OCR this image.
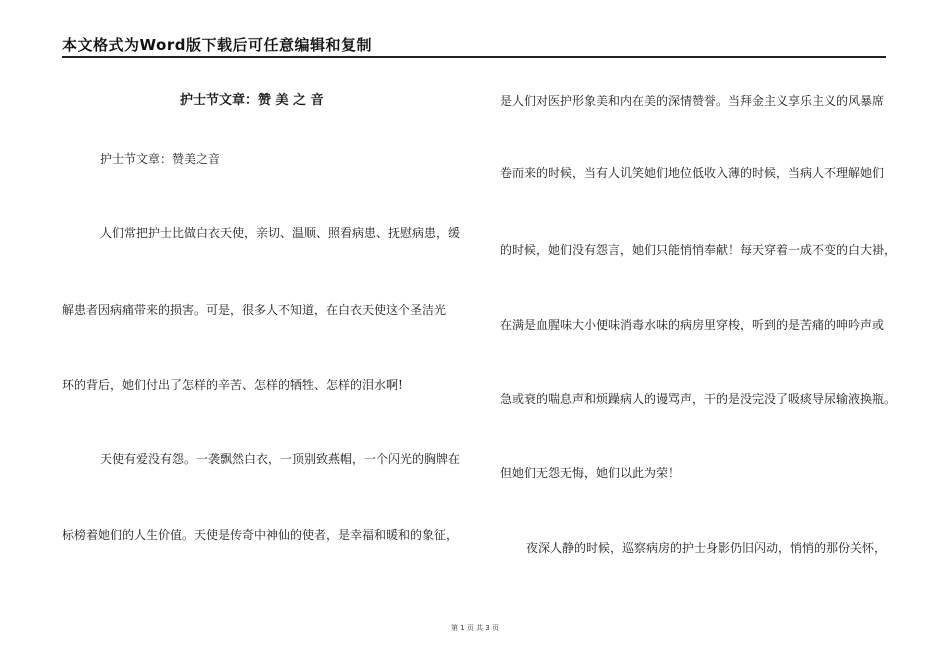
本文格式为Word版下载后可任意编辑和复制
护士节文章：赞 美 之 音
护士节文章：赞美之音
人们常把护士比做白衣天使，亲切、温顺、照看病患、抚慰病患，缓
解患者因病痛带来的损害。可是，很多人不知道，在白衣天使这个圣洁光
环的背后，她们付出了怎样的辛苦、怎样的牺牲、怎样的泪水啊!
天使有爱没有怨。一袭飘然白衣，一顶别致燕帽，一个闪光的胸牌在
标榜着她们的人生价值。天使是传奇中神仙的使者，是幸福和暖和的象征，
是人们对医护形象美和内在美的深情赞誉。当拜金主义享乐主义的风暴席
卷而来的时候，当有人讥笑她们地位低收入薄的时候，当病人不理解她们
的时候，她们没有怨言，她们只能悄悄奉献！每天穿着一成不变的白大褂，
在满是血腥味大小便味消毒水味的病房里穿梭，听到的是苦痛的呻吟声或
急或衰的喘息声和烦躁病人的谩骂声，干的是没完没了吸痰导尿输液换瓶。
但她们无怨无悔，她们以此为荣！
夜深人静的时候，巡察病房的护士身影仍旧闪动，悄悄的那份关怀，
第 1 页 共 3 页
